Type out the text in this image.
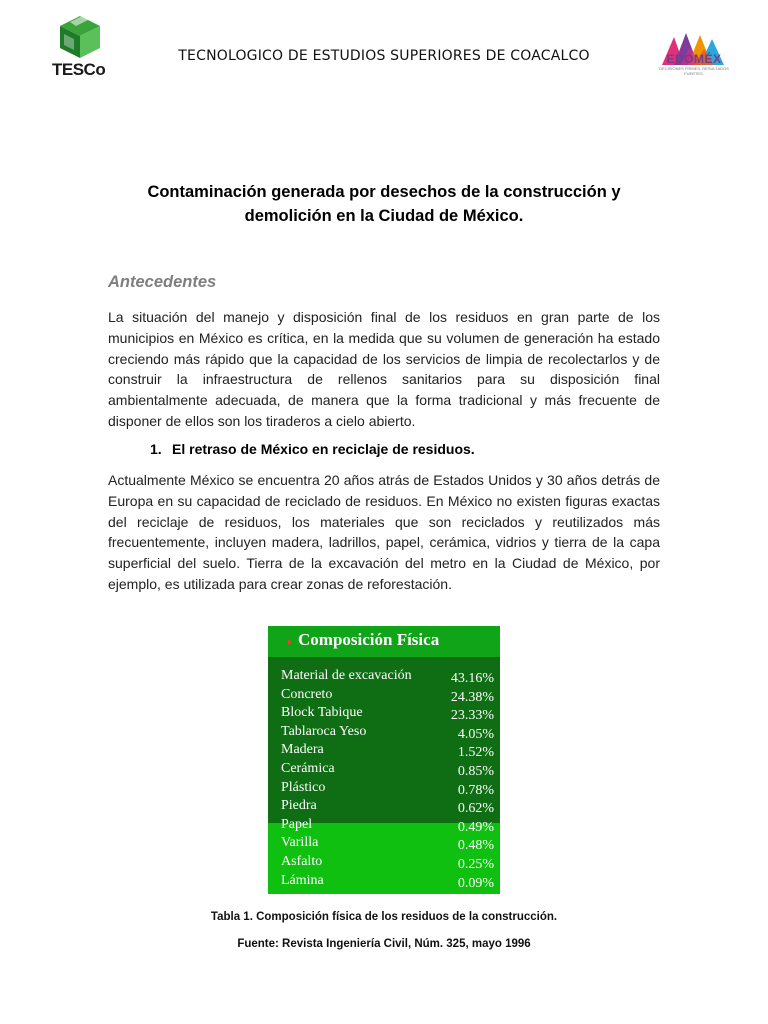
TESCo
TECNOLOGICO DE ESTUDIOS SUPERIORES DE COACALCO	EDOMÉX
DECISIONES FIRMES, RESULTADOS FUERTES.
Contaminación generada por desechos de la construcción y
demolición en la Ciudad de México.
Antecedentes

La situación del manejo y disposición final de los residuos en gran parte de los municipios en México es crítica, en la medida que su volumen de generación ha estado creciendo más rápido que la capacidad de los servicios de limpia de recolectarlos y de construir la infraestructura de rellenos sanitarios para su disposición final ambientalmente adecuada, de manera que la forma tradicional y más frecuente de disponer de ellos son los tiraderos a cielo abierto.

1. El retraso de México en reciclaje de residuos.

Actualmente México se encuentra 20 años atrás de Estados Unidos y 30 años detrás de Europa en su capacidad de reciclado de residuos. En México no existen figuras exactas del reciclaje de residuos, los materiales que son reciclados y reutilizados más frecuentemente, incluyen madera, ladrillos, papel, cerámica, vidrios y tierra de la capa superficial del suelo. Tierra de la excavación del metro en la Ciudad de México, por ejemplo, es utilizada para crear zonas de reforestación.

Composición Física
Material de excavación	43.16%
Concreto	24.38%
Block Tabique	23.33%
Tablaroca Yeso	4.05%
Madera	1.52%
Cerámica	0.85%
Plástico	0.78%
Piedra	0.62%
Papel	0.49%
Varilla	0.48%
Asfalto	0.25%
Lámina	0.09%
Tabla 1. Composición física de los residuos de la construcción.
Fuente: Revista Ingeniería Civil, Núm. 325, mayo 1996
